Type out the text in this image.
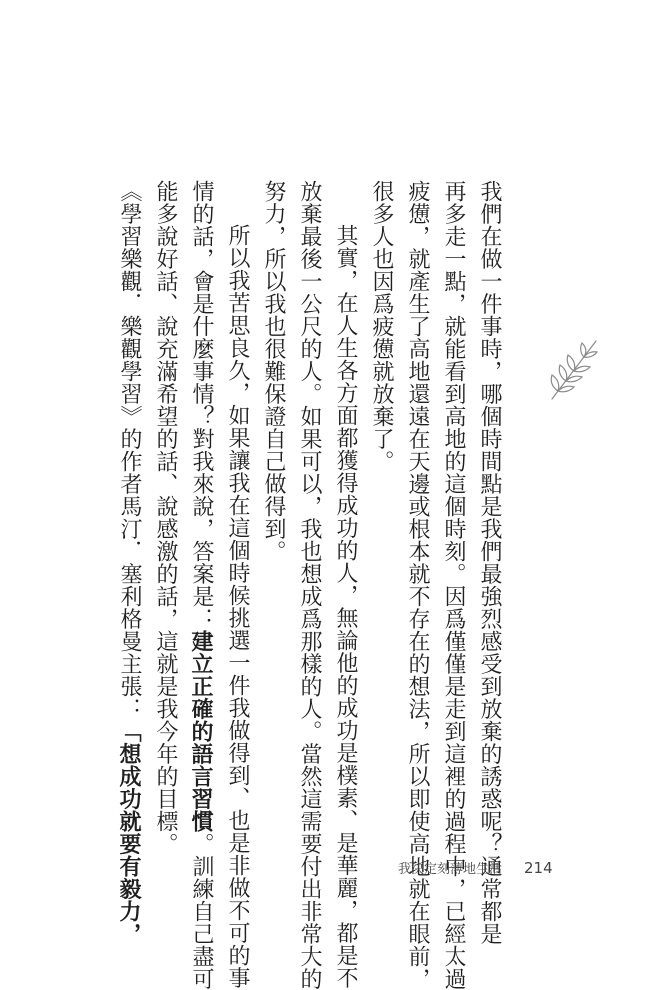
我們在做一件事時，哪個時間點是我們最強烈感受到放棄的誘惑呢？通常都是
再多走一點，就能看到高地的這個時刻。因爲僅僅是走到這裡的過程中，已經太過
疲憊，就產生了高地還遠在天邊或根本就不存在的想法，所以即使高地就在眼前，
很多人也因爲疲憊就放棄了。
其實，在人生各方面都獲得成功的人，無論他的成功是樸素、是華麗，都是不
放棄最後一公尺的人。如果可以，我也想成爲那樣的人。當然這需要付出非常大的
努力，所以我也很難保證自己做得到。
所以我苦思良久，如果讓我在這個時候挑選一件我做得到、也是非做不可的事
情的話，會是什麼事情？對我來說，答案是：建立正確的語言習慣。訓練自己盡可
能多說好話、說充滿希望的話、說感激的話，這就是我今年的目標。
《學習樂觀．樂觀學習》的作者馬汀．塞利格曼主張：「想成功就要有毅力，	我決定刻薄地生活 214
